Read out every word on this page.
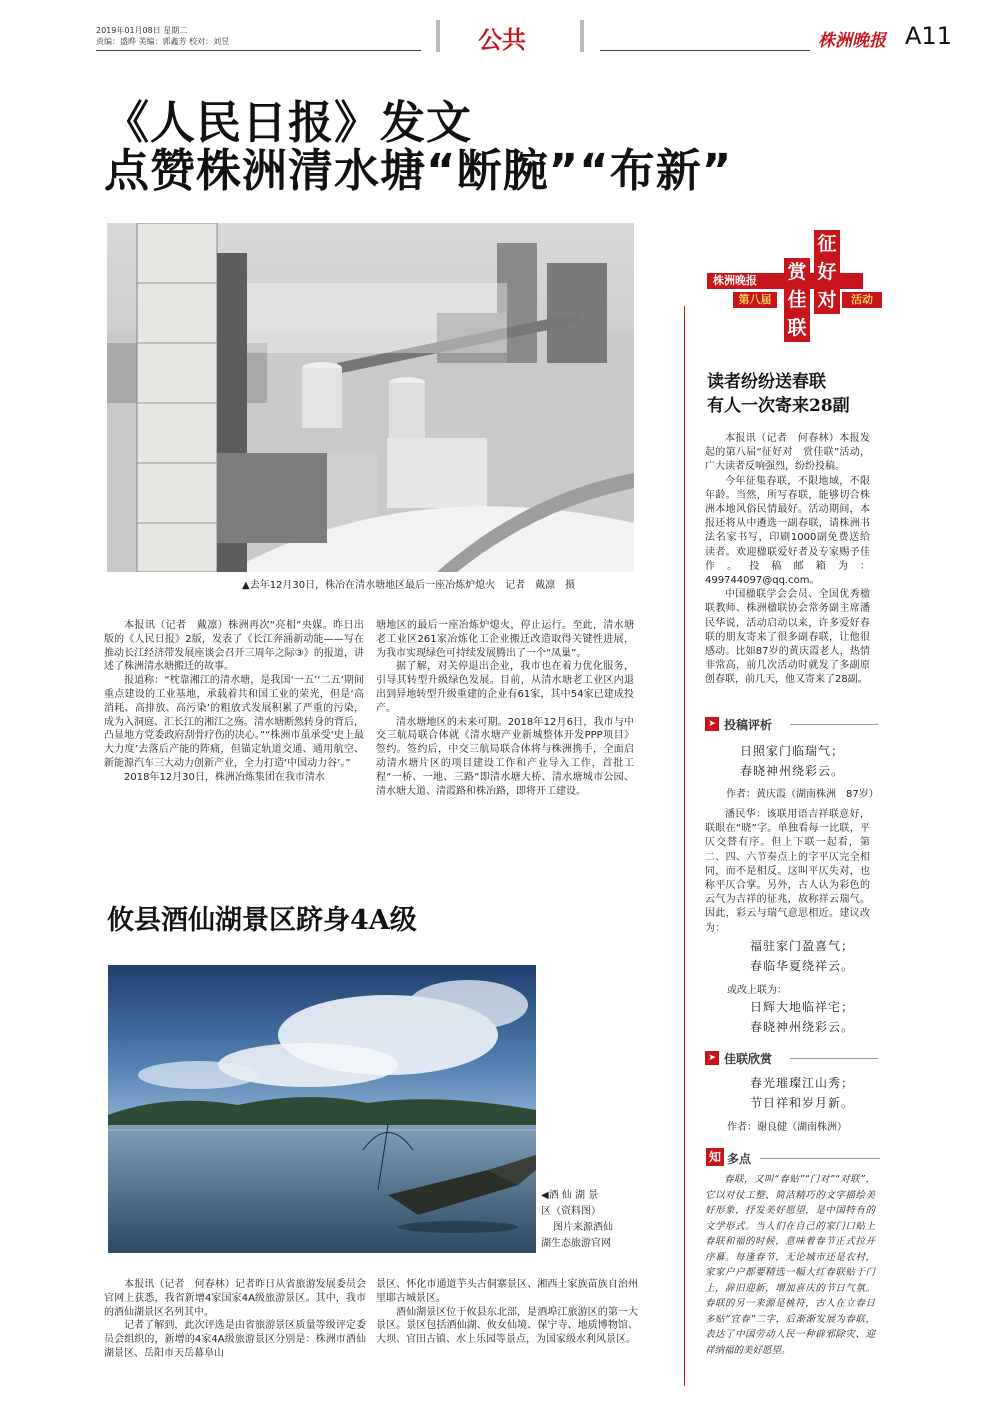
2019年01月08日 星期二
责编：盛晔 美编：郭鑫芳 校对：刘昱	公共	株洲晚报 A11
《人民日报》发文
点赞株洲清水塘“断腕”“布新”
▲去年12月30日，株冶在清水塘地区最后一座冶炼炉熄火　记者　戴凛　摄

本报讯（记者　戴凛）株洲再次“亮相”央媒。昨日出版的《人民日报》2版，发表了《长江奔涌新动能——写在推动长江经济带发展座谈会召开三周年之际③》的报道，讲述了株洲清水塘搬迁的故事。

报道称：“枕靠湘江的清水塘，是我国‘一五’‘二五’期间重点建设的工业基地，承载着共和国工业的荣光，但是‘高消耗、高排放、高污染’的粗放式发展积累了严重的污染，成为入洞庭、汇长江的湘江之殇。清水塘断然转身的背后，凸显地方党委政府刮骨疗伤的决心。”“株洲市虽承受‘史上最大力度’去落后产能的阵痛，但锚定轨道交通、通用航空、新能源汽车三大动力创新产业，全力打造‘中国动力谷’。”

2018年12月30日，株洲冶炼集团在我市清水

塘地区的最后一座冶炼炉熄火，停止运行。至此，清水塘老工业区261家冶炼化工企业搬迁改造取得关键性进展，为我市实现绿色可持续发展腾出了一个“凤巢”。

据了解，对关停退出企业，我市也在着力优化服务，引导其转型升级绿色发展。目前，从清水塘老工业区内退出到异地转型升级重建的企业有61家，其中54家已建成投产。

清水塘地区的未来可期。2018年12月6日，我市与中交三航局联合体就《清水塘产业新城整体开发PPP项目》签约。签约后，中交三航局联合体将与株洲携手，全面启动清水塘片区的项目建设工作和产业导入工作，首批工程“一桥、一地、三路”即清水塘大桥、清水塘城市公园、清水塘大道、清霞路和株冶路，即将开工建设。

攸县酒仙湖景区跻身4A级
◀酒 仙 湖 景
区（资料图）
图片来源酒仙
湖生态旅游官网

本报讯（记者　何春林）记者昨日从省旅游发展委员会官网上获悉，我省新增4家国家4A级旅游景区。其中，我市的酒仙湖景区名列其中。

记者了解到，此次评选是由省旅游景区质量等级评定委员会组织的，新增的4家4A级旅游景区分别是：株洲市酒仙湖景区、岳阳市天岳幕阜山

景区、怀化市通道芋头古侗寨景区、湘西土家族苗族自治州里耶古城景区。

酒仙湖景区位于攸县东北部，是酒埠江旅游区的第一大景区。景区包括酒仙湖、攸女仙境、保宁寺、地质博物馆、大坝、官田古镇、水上乐园等景点，为国家级水利风景区。

株洲晚报
第八届	活动
征
好
对
赏
佳
联
读者纷纷送春联
有人一次寄来28副

本报讯（记者　何春林）本报发起的第八届“征好对　赏佳联”活动，广大读者反响强烈，纷纷投稿。

今年征集春联，不限地域，不限年龄。当然，所写春联，能够切合株洲本地风俗民情最好。活动期间，本报还将从中遴选一副春联，请株洲书法名家书写，印刷1000副免费送给读者。欢迎楹联爱好者及专家赐予佳作。投稿邮箱为：499744097@qq.com。

中国楹联学会会员、全国优秀楹联教师、株洲楹联协会常务副主席潘民华说，活动启动以来，许多爱好春联的朋友寄来了很多副春联，让他很感动。比如87岁的黄庆霞老人，热情非常高，前几次活动时就发了多副原创春联，前几天，他又寄来了28副。

➤ 投稿评析
日照家门临瑞气；
春晓神州绕彩云。
作者：黄庆霞（湖南株洲　87岁）

潘民华：该联用语吉祥联意好，联眼在“晓”字。单独看每一比联，平仄交替有序。但上下联一起看，第二、四、六节奏点上的字平仄完全相同，而不是相反。这叫平仄失对，也称平仄合掌。另外，古人认为彩色的云气为吉祥的征兆，故称祥云瑞气。因此，彩云与瑞气意思相近。建议改为：

福驻家门盈喜气；
春临华夏绕祥云。
或改上联为：
日辉大地临祥宅；
春晓神州绕彩云。
➤ 佳联欣赏
春光璀璨江山秀；
节日祥和岁月新。
作者：谢良健（湖南株洲）
知 多点

春联，又叫“春贴”“门对”“对联”，它以对仗工整、简洁精巧的文字描绘美好形象，抒发美好愿望，是中国特有的文学形式。当人们在自己的家门口贴上春联和福的时候，意味着春节正式拉开序幕。每逢春节，无论城市还是农村，家家户户都要精选一幅大红春联贴于门上，辞旧迎新，增加喜庆的节日气氛。春联的另一来源是桃符，古人在立春日多贴“宜春”二字，后渐渐发展为春联，表达了中国劳动人民一种辟邪除灾、迎祥纳福的美好愿望。
